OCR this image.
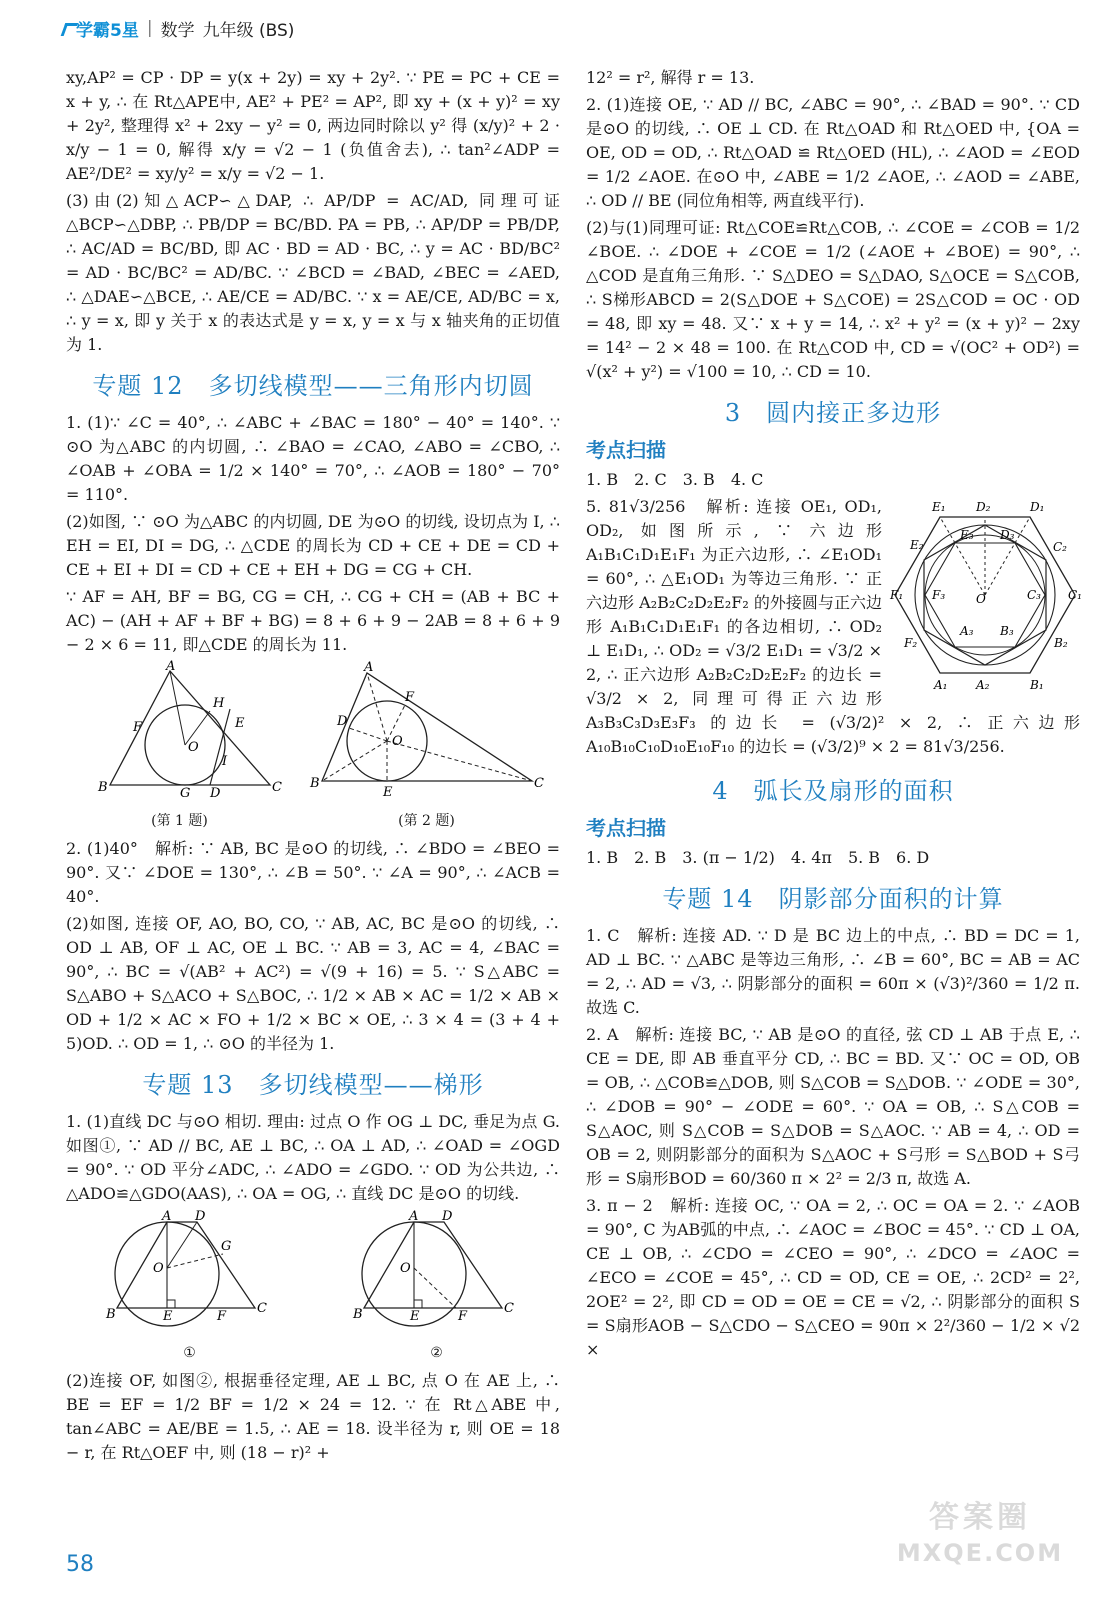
学霸5星 | 数学 九年级 (BS)

xy,AP² = CP · DP = y(x + 2y) = xy + 2y². ∵ PE = PC + CE = x + y, ∴ 在 Rt△APE中, AE² + PE² = AP², 即 xy + (x + y)² = xy + 2y², 整理得 x² + 2xy − y² = 0, 两边同时除以 y² 得 (x/y)² + 2 · x/y − 1 = 0, 解得 x/y = √2 − 1 (负值舍去), ∴ tan²∠ADP = AE²/DE² = xy/y² = x/y = √2 − 1.

(3)由(2)知△ACP∽△DAP, ∴ AP/DP = AC/AD, 同理可证△BCP∽△DBP, ∴ PB/DP = BC/BD. PA = PB, ∴ AP/DP = PB/DP, ∴ AC/AD = BC/BD, 即 AC · BD = AD · BC, ∴ y = AC · BD/BC² = AD · BC/BC² = AD/BC. ∵ ∠BCD = ∠BAD, ∠BEC = ∠AED, ∴ △DAE∽△BCE, ∴ AE/CE = AD/BC. ∵ x = AE/CE, AD/BC = x, ∴ y = x, 即 y 关于 x 的表达式是 y = x, y = x 与 x 轴夹角的正切值为 1.

专题 12　多切线模型——三角形内切圆

1. (1)∵ ∠C = 40°, ∴ ∠ABC + ∠BAC = 180° − 40° = 140°. ∵ ⊙O 为△ABC 的内切圆, ∴ ∠BAO = ∠CAO, ∠ABO = ∠CBO, ∴ ∠OAB + ∠OBA = 1/2 × 140° = 70°, ∴ ∠AOB = 180° − 70° = 110°.

(2)如图, ∵ ⊙O 为△ABC 的内切圆, DE 为⊙O 的切线, 设切点为 I, ∴ EH = EI, DI = DG, ∴ △CDE 的周长为 CD + CE + DE = CD + CE + EI + DI = CD + CE + EH + DG = CG + CH.

∵ AF = AH, BF = BG, CG = CH, ∴ CG + CH = (AB + BC + AC) − (AH + AF + BF + BG) = 8 + 6 + 9 − 2AB = 8 + 6 + 9 − 2 × 6 = 11, 即△CDE 的周长为 11.

A
B	C
F
H
E
O
I
G D
(第 1 题)
A
B	C
D
F
O
E
(第 2 题)

2. (1)40°　解析: ∵ AB, BC 是⊙O 的切线, ∴ ∠BDO = ∠BEO = 90°. 又∵ ∠DOE = 130°, ∴ ∠B = 50°. ∵ ∠A = 90°, ∴ ∠ACB = 40°.

(2)如图, 连接 OF, AO, BO, CO, ∵ AB, AC, BC 是⊙O 的切线, ∴ OD ⊥ AB, OF ⊥ AC, OE ⊥ BC. ∵ AB = 3, AC = 4, ∠BAC = 90°, ∴ BC = √(AB² + AC²) = √(9 + 16) = 5. ∵ S△ABC = S△ABO + S△ACO + S△BOC, ∴ 1/2 × AB × AC = 1/2 × AB × OD + 1/2 × AC × FO + 1/2 × BC × OE, ∴ 3 × 4 = (3 + 4 + 5)OD. ∴ OD = 1, ∴ ⊙O 的半径为 1.

专题 13　多切线模型——梯形

1. (1)直线 DC 与⊙O 相切. 理由: 过点 O 作 OG ⊥ DC, 垂足为点 G. 如图①, ∵ AD // BC, AE ⊥ BC, ∴ OA ⊥ AD, ∴ ∠OAD = ∠OGD = 90°. ∵ OD 平分∠ADC, ∴ ∠ADO = ∠GDO. ∵ OD 为公共边, ∴ △ADO≌△GDO(AAS), ∴ OA = OG, ∴ 直线 DC 是⊙O 的切线.

A D
G
O
B	E	F
C
①
A D
O
B	E	F
C
②

(2)连接 OF, 如图②, 根据垂径定理, AE ⊥ BC, 点 O 在 AE 上, ∴ BE = EF = 1/2 BF = 1/2 × 24 = 12. ∵ 在 Rt△ABE 中, tan∠ABC = AE/BE = 1.5, ∴ AE = 18. 设半径为 r, 则 OE = 18 − r, 在 Rt△OEF 中, 则 (18 − r)² +

12² = r², 解得 r = 13.

2. (1)连接 OE, ∵ AD // BC, ∠ABC = 90°, ∴ ∠BAD = 90°. ∵ CD 是⊙O 的切线, ∴ OE ⊥ CD. 在 Rt△OAD 和 Rt△OED 中, {OA = OE, OD = OD, ∴ Rt△OAD ≌ Rt△OED (HL), ∴ ∠AOD = ∠EOD = 1/2 ∠AOE. 在⊙O 中, ∠ABE = 1/2 ∠AOE, ∴ ∠AOD = ∠ABE, ∴ OD // BE (同位角相等, 两直线平行).

(2)与(1)同理可证: Rt△COE≌Rt△COB, ∴ ∠COE = ∠COB = 1/2 ∠BOE. ∴ ∠DOE + ∠COE = 1/2 (∠AOE + ∠BOE) = 90°, ∴ △COD 是直角三角形. ∵ S△DEO = S△DAO, S△OCE = S△COB, ∴ S梯形ABCD = 2(S△DOE + S△COE) = 2S△COD = OC · OD = 48, 即 xy = 48. 又∵ x + y = 14, ∴ x² + y² = (x + y)² − 2xy = 14² − 2 × 48 = 100. 在 Rt△COD 中, CD = √(OC² + OD²) = √(x² + y²) = √100 = 10, ∴ CD = 10.

3　圆内接正多边形
考点扫描

1. B　2. C　3. B　4. C

E₁	D₂	D₁
E₂
E₃ D₃
C₂
F₁ F₃	O	C₃ C₁
F₂
A₃ B₃
B₂
A₁ A₂	B₁

5. 81√3/256　解析: 连接 OE₁, OD₁, OD₂, 如图所示, ∵ 六边形 A₁B₁C₁D₁E₁F₁ 为正六边形, ∴ ∠E₁OD₁ = 60°, ∴ △E₁OD₁ 为等边三角形. ∵ 正六边形 A₂B₂C₂D₂E₂F₂ 的外接圆与正六边形 A₁B₁C₁D₁E₁F₁ 的各边相切, ∴ OD₂ ⊥ E₁D₁, ∴ OD₂ = √3/2 E₁D₁ = √3/2 × 2, ∴ 正六边形 A₂B₂C₂D₂E₂F₂ 的边长 = √3/2 × 2, 同理可得正六边形 A₃B₃C₃D₃E₃F₃ 的边长 = (√3/2)² × 2, ∴ 正六边形 A₁₀B₁₀C₁₀D₁₀E₁₀F₁₀ 的边长 = (√3/2)⁹ × 2 = 81√3/256.

4　弧长及扇形的面积
考点扫描

1. B　2. B　3. (π − 1/2)　4. 4π　5. B　6. D

专题 14　阴影部分面积的计算

1. C　解析: 连接 AD. ∵ D 是 BC 边上的中点, ∴ BD = DC = 1, AD ⊥ BC. ∵ △ABC 是等边三角形, ∴ ∠B = 60°, BC = AB = AC = 2, ∴ AD = √3, ∴ 阴影部分的面积 = 60π × (√3)²/360 = 1/2 π. 故选 C.

2. A　解析: 连接 BC, ∵ AB 是⊙O 的直径, 弦 CD ⊥ AB 于点 E, ∴ CE = DE, 即 AB 垂直平分 CD, ∴ BC = BD. 又∵ OC = OD, OB = OB, ∴ △COB≌△DOB, 则 S△COB = S△DOB. ∵ ∠ODE = 30°, ∴ ∠DOB = 90° − ∠ODE = 60°. ∵ OA = OB, ∴ S△COB = S△AOC, 则 S△COB = S△DOB = S△AOC. ∵ AB = 4, ∴ OD = OB = 2, 则阴影部分的面积为 S△AOC + S弓形 = S△BOD + S弓形 = S扇形BOD = 60/360 π × 2² = 2/3 π, 故选 A.

3. π − 2　解析: 连接 OC, ∵ OA = 2, ∴ OC = OA = 2. ∵ ∠AOB = 90°, C 为AB弧的中点, ∴ ∠AOC = ∠BOC = 45°. ∵ CD ⊥ OA, CE ⊥ OB, ∴ ∠CDO = ∠CEO = 90°, ∴ ∠DCO = ∠AOC = ∠ECO = ∠COE = 45°, ∴ CD = OD, CE = OE, ∴ 2CD² = 2², 2OE² = 2², 即 CD = OD = OE = CE = √2, ∴ 阴影部分的面积 S = S扇形AOB − S△CDO − S△CEO = 90π × 2²/360 − 1/2 × √2 ×

58
答案圈
MXQE.COM
